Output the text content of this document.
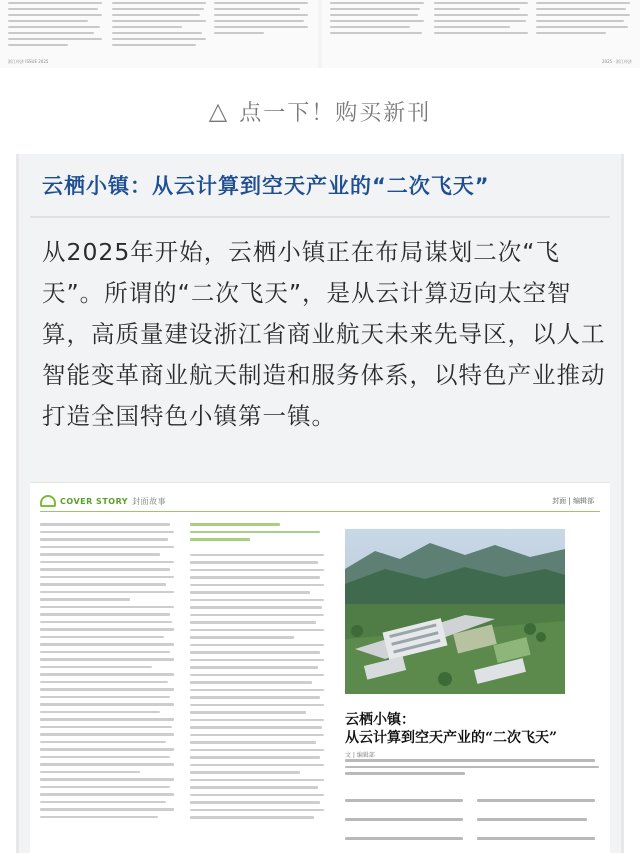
浙江经济 ISSUE 2025	2025 · 浙江经济
△ 点一下！购买新刊
云栖小镇：从云计算到空天产业的“二次飞天”
从2025年开始，云栖小镇正在布局谋划二次“飞天”。所谓的“二次飞天”，是从云计算迈向太空智算，高质量建设浙江省商业航天未来先导区，以人工智能变革商业航天制造和服务体系，以特色产业推动打造全国特色小镇第一镇。
COVER STORY 封面故事	封面 | 编辑部
云栖小镇：
从云计算到空天产业的“二次飞天”
文 | 编辑部
